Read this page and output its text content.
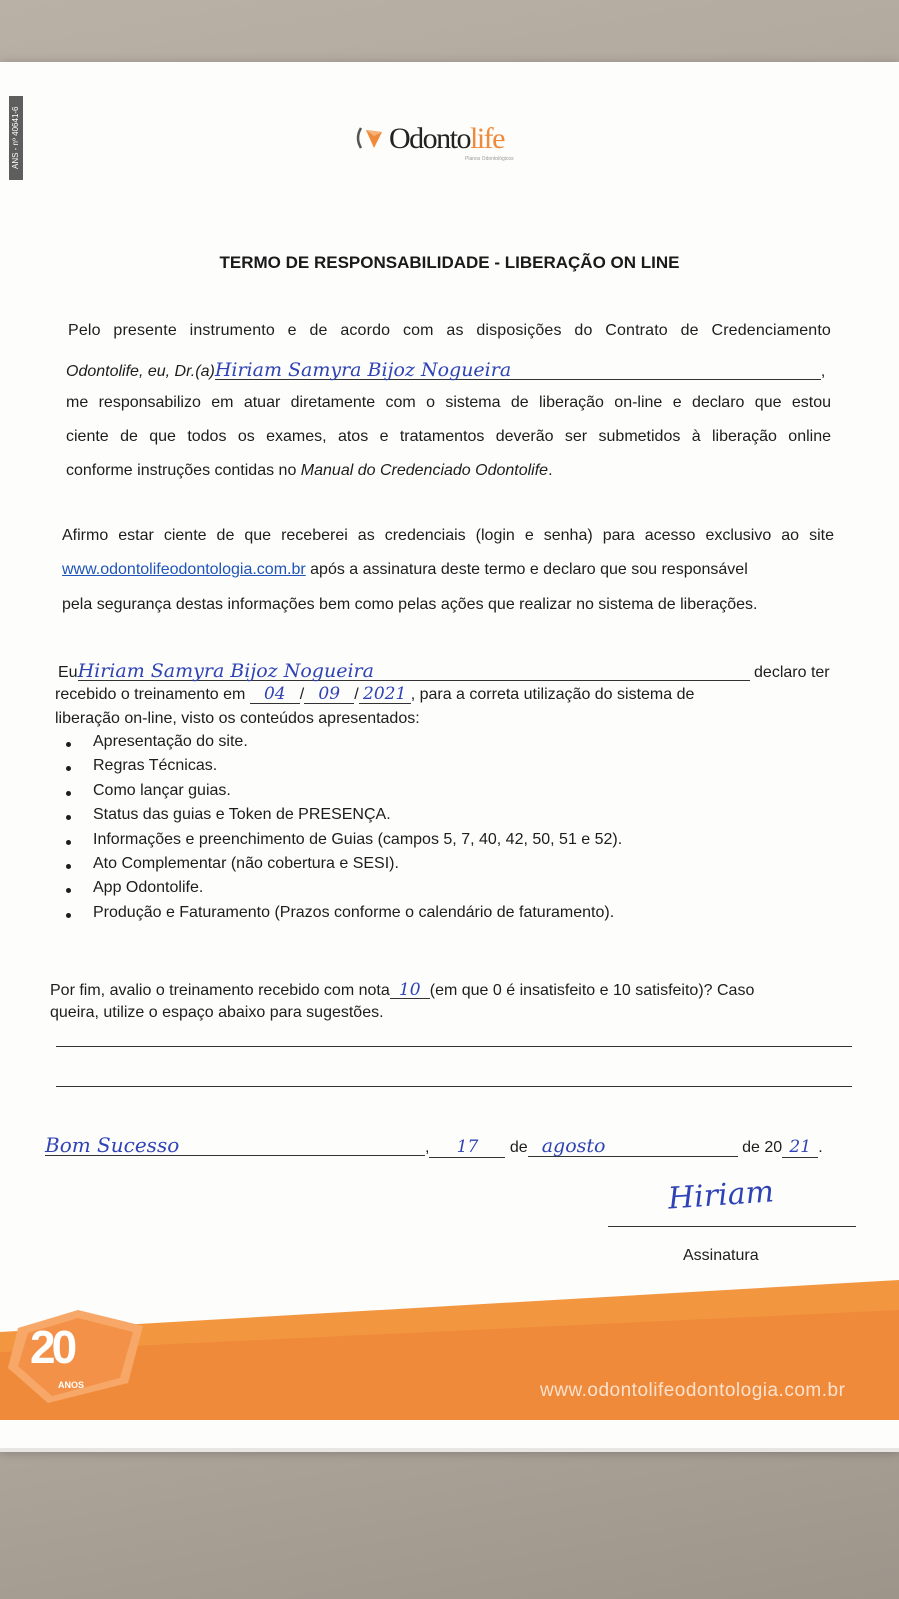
ANS - nº 40641-6	Odontolife
Planos Odontológicos
TERMO DE RESPONSABILIDADE - LIBERAÇÃO ON LINE
Pelo presente instrumento e de acordo com as disposições do Contrato de Credenciamento
Odontolife, eu, Dr.(a)Hiriam Samyra Bijoz Nogueira	,
me responsabilizo em atuar diretamente com o sistema de liberação on-line e declaro que estou
ciente de que todos os exames, atos e tratamentos deverão ser submetidos à liberação online
conforme instruções contidas no Manual do Credenciado Odontolife.
Afirmo estar ciente de que receberei as credenciais (login e senha) para acesso exclusivo ao site
www.odontolifeodontologia.com.br após a assinatura deste termo e declaro que sou responsável
pela segurança destas informações bem como pelas ações que realizar no sistema de liberações.
EuHiriam Samyra Bijoz Nogueira	declaro ter
recebido o treinamento em 04 / 09 / 2021 , para a correta utilização do sistema de
liberação on-line, visto os conteúdos apresentados:
Apresentação do site.
Regras Técnicas.
Como lançar guias.
Status das guias e Token de PRESENÇA.
Informações e preenchimento de Guias (campos 5, 7, 40, 42, 50, 51 e 52).
Ato Complementar (não cobertura e SESI).
App Odontolife.
Produção e Faturamento (Prazos conforme o calendário de faturamento).
Por fim, avalio o treinamento recebido com nota 10 (em que 0 é insatisfeito e 10 satisfeito)? Caso
queira, utilize o espaço abaixo para sugestões.
Bom Sucesso	, 17 de agosto	de 20 21 .
Hiriam
Assinatura
20
ANOS	www.odontolifeodontologia.com.br
